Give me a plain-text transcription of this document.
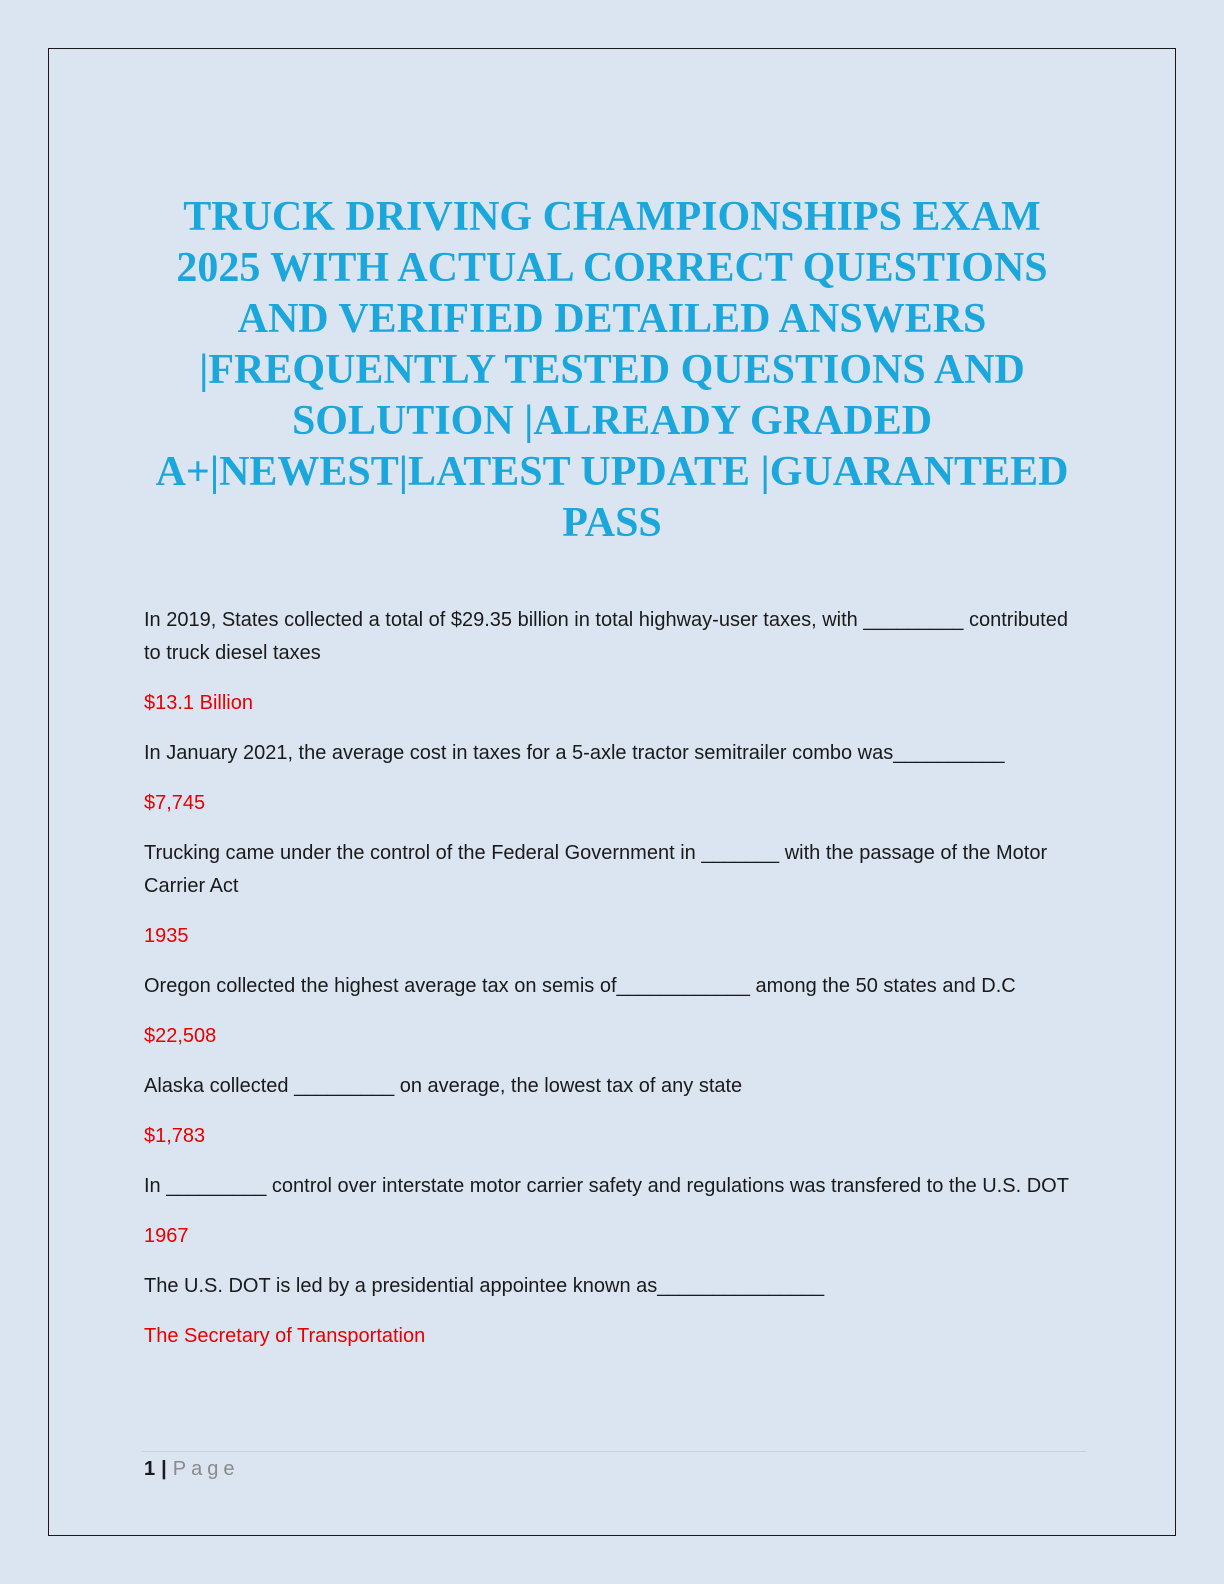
TRUCK DRIVING CHAMPIONSHIPS EXAM 2025 WITH ACTUAL CORRECT QUESTIONS AND VERIFIED DETAILED ANSWERS |FREQUENTLY TESTED QUESTIONS AND SOLUTION |ALREADY GRADED A+|NEWEST|LATEST UPDATE |GUARANTEED PASS

In 2019, States collected a total of $29.35 billion in total highway-user taxes, with _________ contributed to truck diesel taxes

$13.1 Billion

In January 2021, the average cost in taxes for a 5-axle tractor semitrailer combo was__________

$7,745

Trucking came under the control of the Federal Government in _______ with the passage of the Motor Carrier Act

1935

Oregon collected the highest average tax on semis of____________ among the 50 states and D.C

$22,508

Alaska collected _________ on average, the lowest tax of any state

$1,783

In _________ control over interstate motor carrier safety and regulations was transfered to the U.S. DOT

1967

The U.S. DOT is led by a presidential appointee known as_______________

The Secretary of Transportation

1 | Page
